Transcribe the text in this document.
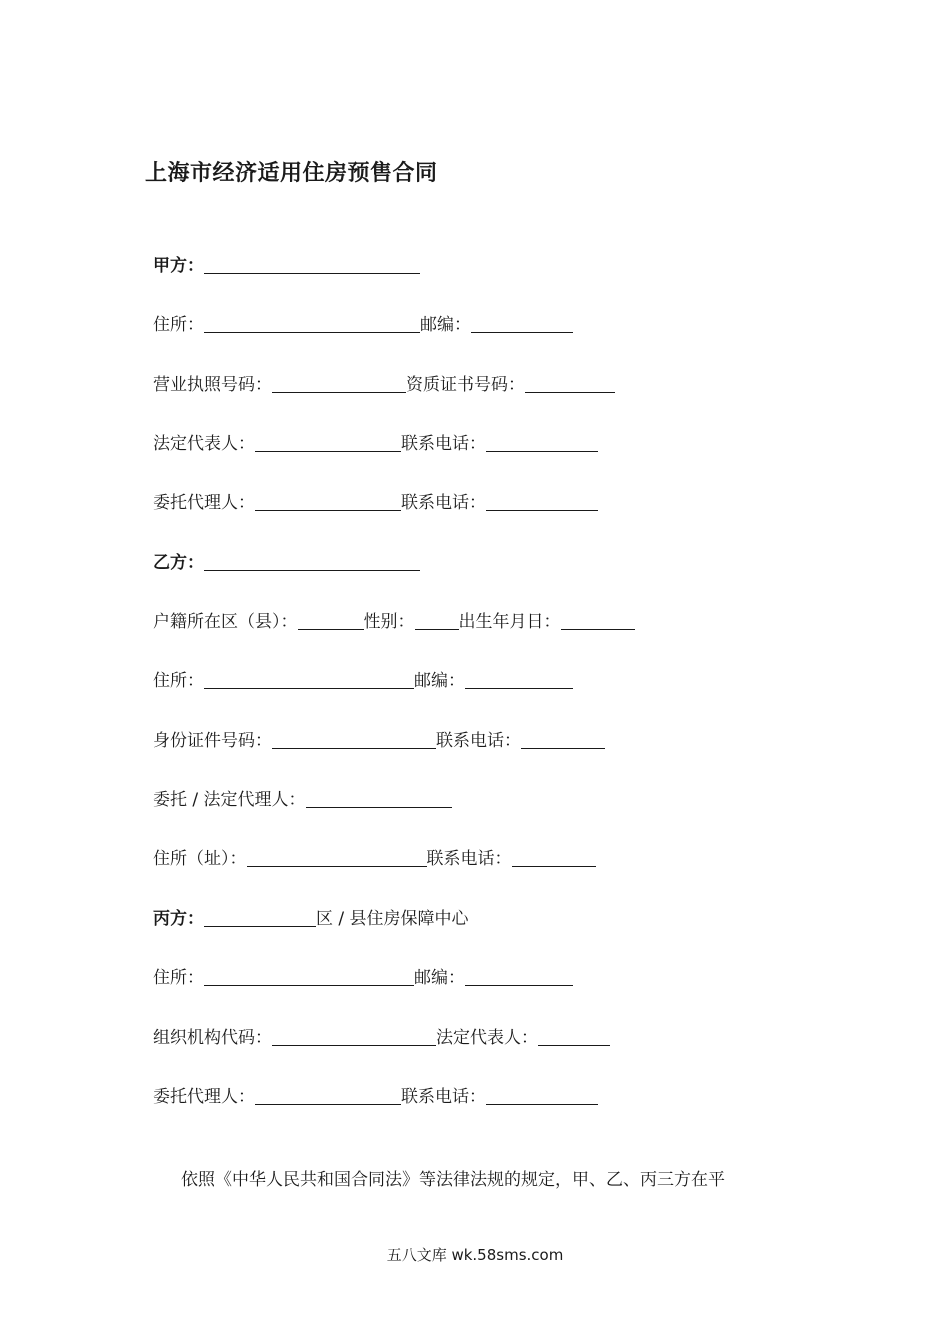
上海市经济适用住房预售合同
甲方：
住所：	邮编：
营业执照号码：	资质证书号码：
法定代表人：	联系电话：
委托代理人：	联系电话：
乙方：
户籍所在区（县）：	性别：	出生年月日：
住所：	邮编：
身份证件号码：	联系电话：
委托 / 法定代理人：
住所（址）：	联系电话：
丙方：	区 / 县住房保障中心
住所：	邮编：
组织机构代码：	法定代表人：
委托代理人：	联系电话：
依照《中华人民共和国合同法》等法律法规的规定，甲、乙、丙三方在平
五八文库 wk.58sms.com
